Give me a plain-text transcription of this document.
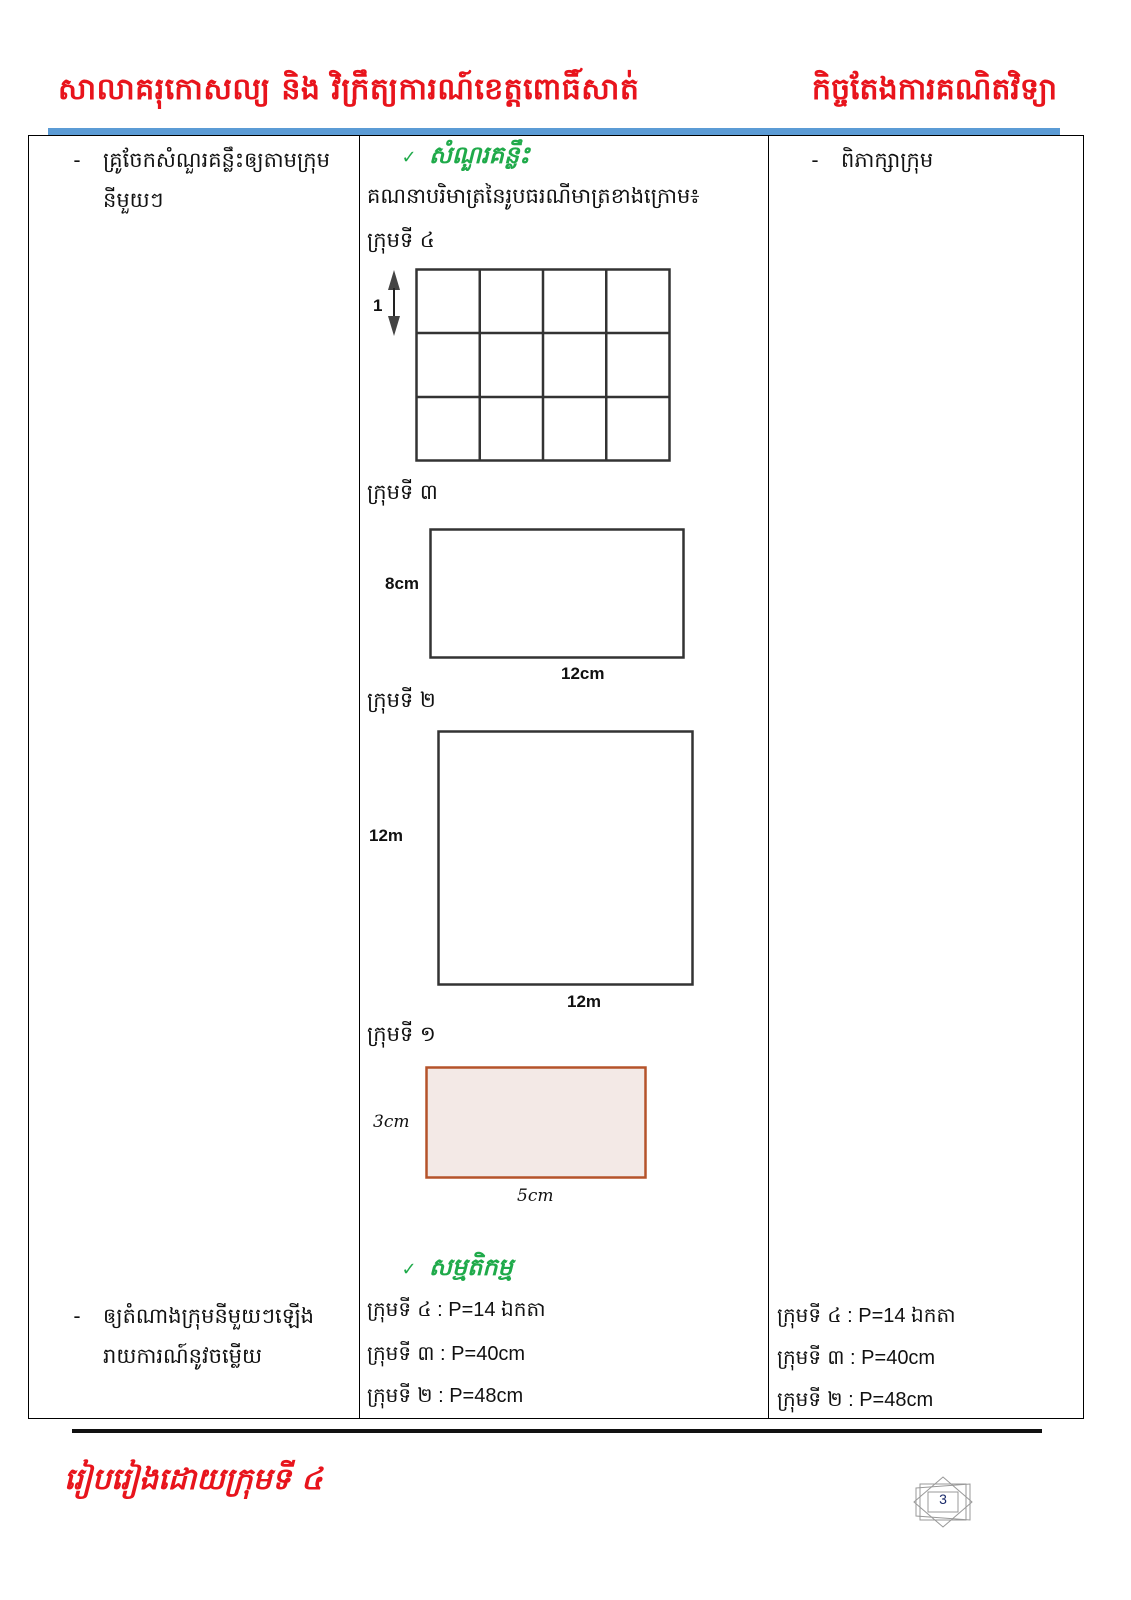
សាលាគរុកោសល្យ និង វិក្រឹត្យការណ៍ខេត្តពោធិ៍សាត់	កិច្ចតែងការគណិតវិទ្យា
-	គ្រូចែកសំណួរគន្លឹះឲ្យតាមក្រុម នីមួយៗ
-	ឲ្យតំណាងក្រុមនីមួយៗឡើង រាយការណ៍នូវចម្លើយ
✓ សំណួរគន្លឹះ
គណនាបរិមាត្រនៃរូបធរណីមាត្រខាងក្រោម៖
ក្រុមទី ៤
1
ក្រុមទី ៣
8cm
12cm
ក្រុមទី ២
12m
12m
ក្រុមទី ១
3cm
5cm
✓ សម្មតិកម្ម
ក្រុមទី ៤ : P=14 ឯកតា
ក្រុមទី ៣ : P=40cm
ក្រុមទី ២ : P=48cm
-	ពិភាក្សាក្រុម
ក្រុមទី ៤ : P=14 ឯកតា
ក្រុមទី ៣ : P=40cm
ក្រុមទី ២ : P=48cm
រៀបរៀងដោយក្រុមទី ៤
3
